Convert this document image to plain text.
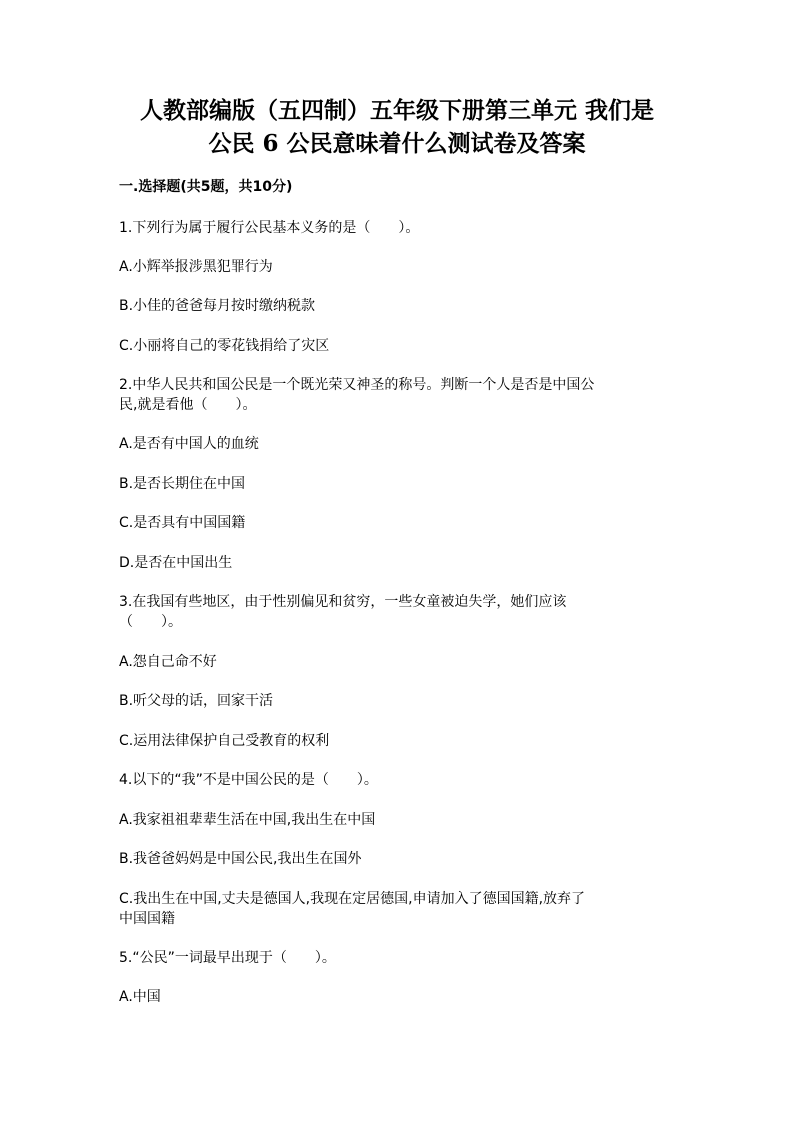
人教部编版（五四制）五年级下册第三单元 我们是
公民 6 公民意味着什么测试卷及答案
一.选择题(共5题，共10分)
1.下列行为属于履行公民基本义务的是（　　）。
A.小辉举报涉黑犯罪行为
B.小佳的爸爸每月按时缴纳税款
C.小丽将自己的零花钱捐给了灾区
2.中华人民共和国公民是一个既光荣又神圣的称号。判断一个人是否是中国公
民,就是看他（　　）。
A.是否有中国人的血统
B.是否长期住在中国
C.是否具有中国国籍
D.是否在中国出生
3.在我国有些地区，由于性别偏见和贫穷，一些女童被迫失学，她们应该
（　　）。
A.怨自己命不好
B.听父母的话，回家干活
C.运用法律保护自己受教育的权利
4.以下的“我”不是中国公民的是（　　）。
A.我家祖祖辈辈生活在中国,我出生在中国
B.我爸爸妈妈是中国公民,我出生在国外
C.我出生在中国,丈夫是德国人,我现在定居德国,申请加入了德国国籍,放弃了
中国国籍
5.“公民”一词最早出现于（　　）。
A.中国
